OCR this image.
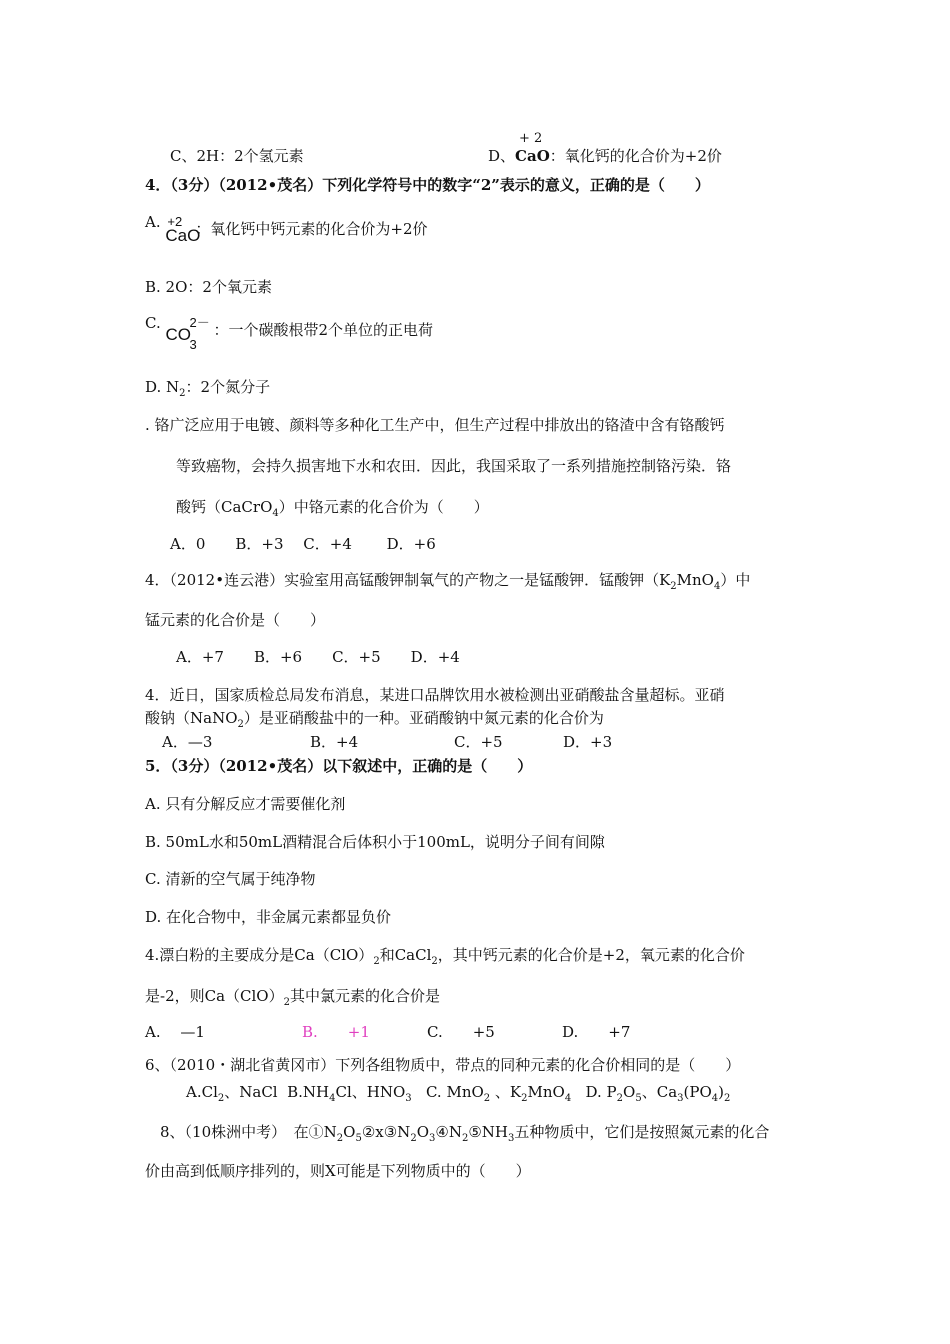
C、2H：2个氢元素
+ 2
D、CaO：氧化钙的化合价为+2价
4．（3分）（2012•茂名）下列化学符号中的数字“2”表示的意义，正确的是（　　）
A. +2
CaO
：氧化钙中钙元素的化合价为+2价
B. 2O：2个氧元素
C.
CO
3
2－ ：一个碳酸根带2个单位的正电荷
D. $N_2$：2个氮分子
. 铬广泛应用于电镀、颜料等多种化工生产中，但生产过程中排放出的铬渣中含有铬酸钙
等致癌物，会持久损害地下水和农田．因此，我国采取了一系列措施控制铬污染．铬
酸钙（CaCrO$_4$）中铬元素的化合价为（　　）
A．0　　B．+3　 C．+4　　 D．+6
4．（2012•连云港）实验室用高锰酸钾制氧气的产物之一是锰酸钾．锰酸钾$(K_2MnO_4)$中
锰元素的化合价是（　　）
A．+7　　B．+6　　C．+5　　D．+4
4．近日，国家质检总局发布消息，某进口品牌饮用水被检测出亚硝酸盐含量超标。亚硝
酸钠（NaNO$_2$）是亚硝酸盐中的一种。亚硝酸钠中氮元素的化合价为
A．—3	B．+4	C．+5	D．+3
5．（3分）（2012•茂名）以下叙述中，正确的是（　　）
A. 只有分解反应才需要催化剂
B. 50mL水和50mL酒精混合后体积小于100mL，说明分子间有间隙
C. 清新的空气属于纯净物
D. 在化合物中，非金属元素都显负价
4.漂白粉的主要成分是$Ca(ClO)_2$和CaCl$_2$，其中钙元素的化合价是+2，氧元素的化合价
是-2，则$Ca(ClO)_2$其中氯元素的化合价是
A.　 —1	B.　　+1	C.　　+5	D.　　+7
6、（2010・湖北省黄冈市）下列各组物质中，带点的同种元素的化合价相同的是（　　）
$A.Cl_2$、NaCl $B.NH_4Cl$、$HNO_3$ C. MnO$_2$ 、$K_2MnO_4$ D. $P_2O_5$、$Ca_3(PO_4)_2$
8、（10株洲中考）　在$①N_2O_5②x③N_2O_3④N_2⑤NH_3$五种物质中，它们是按照氮元素的化合
价由高到低顺序排列的，则X可能是下列物质中的（　　）
